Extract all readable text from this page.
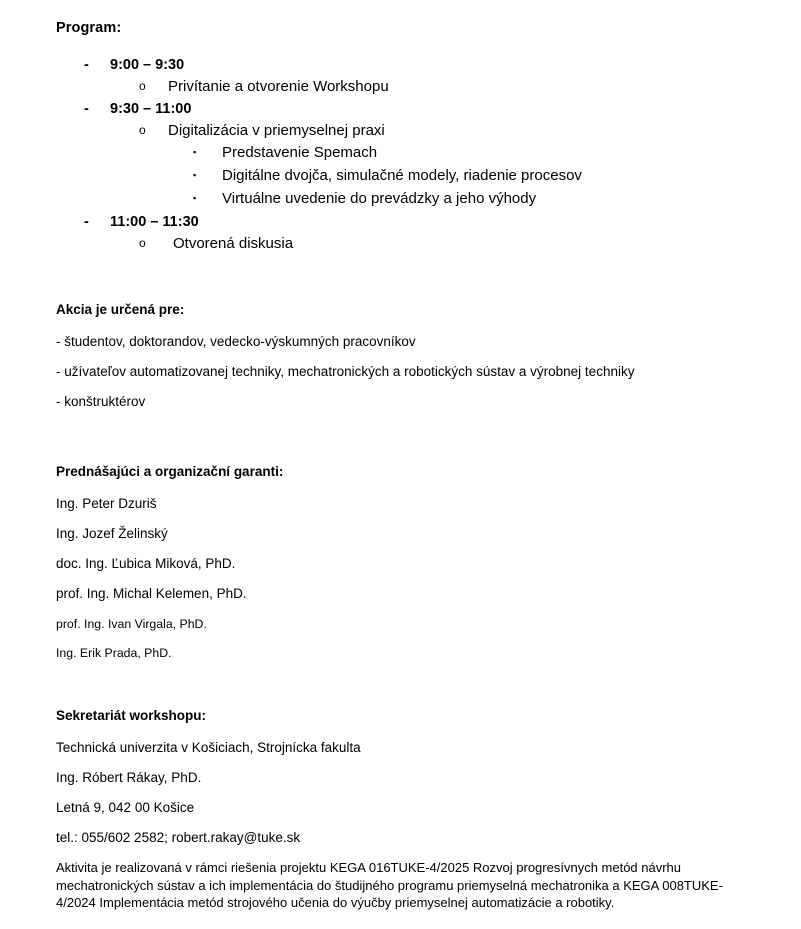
Program:
-	9:00 – 9:30
o	Privítanie a otvorenie Workshopu
-	9:30 – 11:00
o	Digitalizácia v priemyselnej praxi
▪	Predstavenie Spemach
▪	Digitálne dvojča, simulačné modely, riadenie procesov
▪	Virtuálne uvedenie do prevádzky a jeho výhody
-	11:00 – 11:30
o	Otvorená diskusia
Akcia je určená pre:
- študentov, doktorandov, vedecko-výskumných pracovníkov
- užívateľov automatizovanej techniky, mechatronických a robotických sústav a výrobnej techniky
- konštruktérov
Prednášajúci a organizační garanti:
Ing. Peter Dzuriš
Ing. Jozef Želinský
doc. Ing. Ľubica Miková, PhD.
prof. Ing. Michal Kelemen, PhD.
prof. Ing. Ivan Virgala, PhD.
Ing. Erik Prada, PhD.
Sekretariát workshopu:
Technická univerzita v Košiciach, Strojnícka fakulta
Ing. Róbert Rákay, PhD.
Letná 9, 042 00 Košice
tel.: 055/602 2582; robert.rakay@tuke.sk
Aktivita je realizovaná v rámci riešenia projektu KEGA 016TUKE-4/2025 Rozvoj progresívnych metód návrhu mechatronických sústav a ich implementácia do študijného programu priemyselná mechatronika a KEGA 008TUKE-4/2024 Implementácia metód strojového učenia do výučby priemyselnej automatizácie a robotiky.
